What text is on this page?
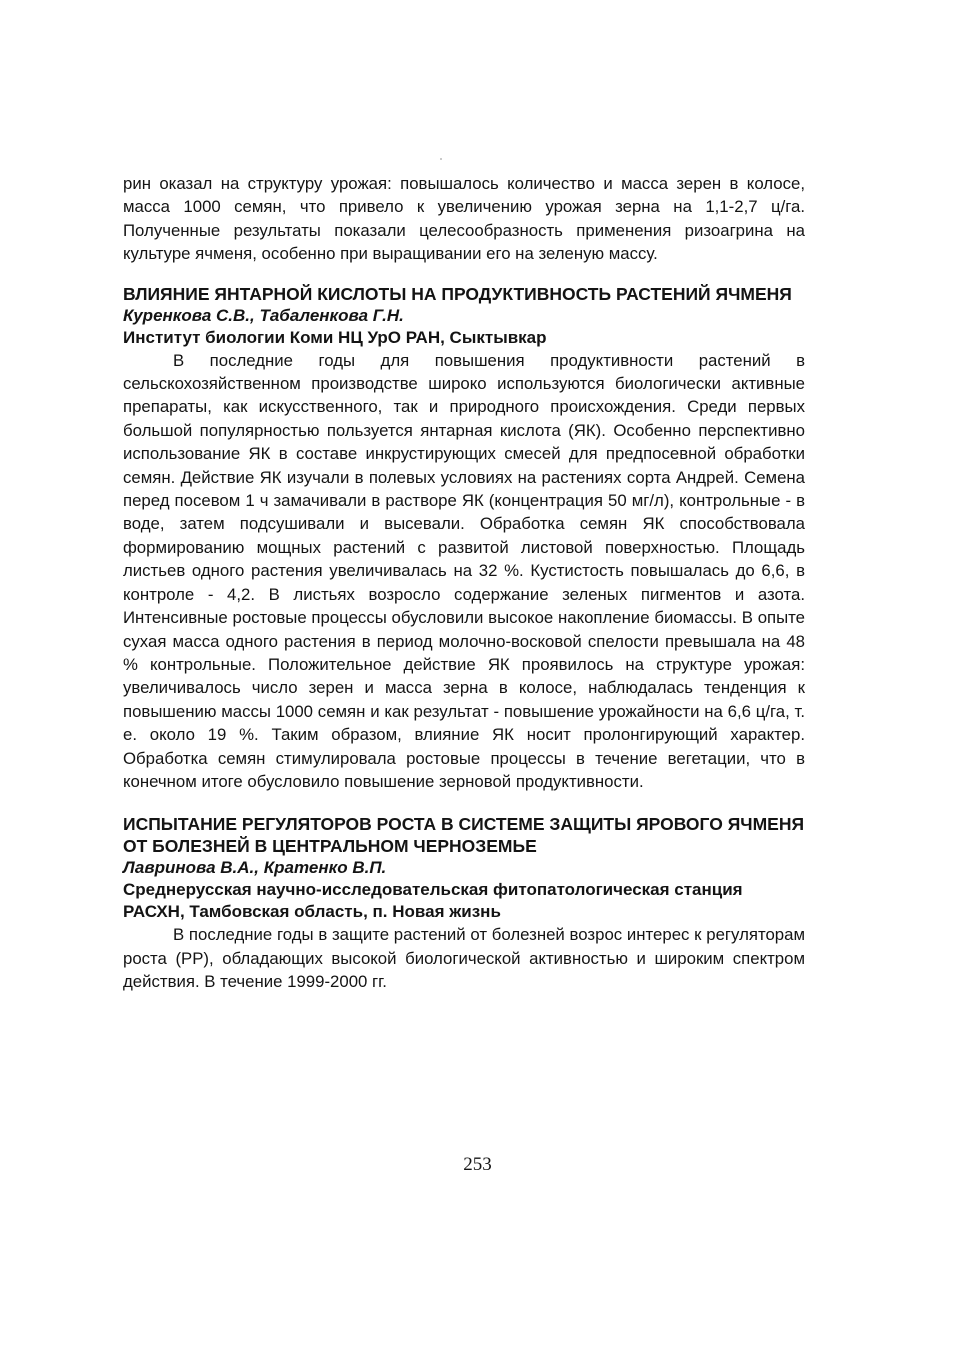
рин оказал на структуру урожая: повышалось количество и масса зерен в колосе, масса 1000 семян, что привело к увеличению урожая зерна на 1,1-2,7 ц/га. Полученные результаты показали целесообразность применения ризоагрина на культуре ячменя, особенно при выращивании его на зеленую массу.

ВЛИЯНИЕ ЯНТАРНОЙ КИСЛОТЫ НА ПРОДУКТИВНОСТЬ РАСТЕНИЙ ЯЧМЕНЯ

Куренкова С.В., Табаленкова Г.Н.

Институт биологии Коми НЦ УрО РАН, Сыктывкар

В последние годы для повышения продуктивности растений в сельскохозяйственном производстве широко используются биологически активные препараты, как искусственного, так и природного происхождения. Среди первых большой популярностью пользуется янтарная кислота (ЯК). Особенно перспективно использование ЯК в составе инкрустирующих смесей для предпосевной обработки семян. Действие ЯК изучали в полевых условиях на растениях сорта Андрей. Семена перед посевом 1 ч замачивали в растворе ЯК (концентрация 50 мг/л), контрольные - в воде, затем подсушивали и высевали. Обработка семян ЯК способствовала формированию мощных растений с развитой листовой поверхностью. Площадь листьев одного растения увеличивалась на 32 %. Кустистость повышалась до 6,6, в контроле - 4,2. В листьях возросло содержание зеленых пигментов и азота. Интенсивные ростовые процессы обусловили высокое накопление биомассы. В опыте сухая масса одного растения в период молочно-восковой спелости превышала на 48 % контрольные. Положительное действие ЯК проявилось на структуре урожая: увеличивалось число зерен и масса зерна в колосе, наблюдалась тенденция к повышению массы 1000 семян и как результат - повышение урожайности на 6,6 ц/га, т. е. около 19 %. Таким образом, влияние ЯК носит пролонгирующий характер. Обработка семян стимулировала ростовые процессы в течение вегетации, что в конечном итоге обусловило повышение зерновой продуктивности.

ИСПЫТАНИЕ РЕГУЛЯТОРОВ РОСТА В СИСТЕМЕ ЗАЩИТЫ ЯРОВОГО ЯЧМЕНЯ ОТ БОЛЕЗНЕЙ В ЦЕНТРАЛЬНОМ ЧЕРНОЗЕМЬЕ

Лавринова В.А., Кратенко В.П.

Среднерусская научно-исследовательская фитопатологическая станция РАСХН, Тамбовская область, п. Новая жизнь

В последние годы в защите растений от болезней возрос интерес к регуляторам роста (РР), обладающих высокой биологической активностью и широким спектром действия. В течение 1999-2000 гг.

253
